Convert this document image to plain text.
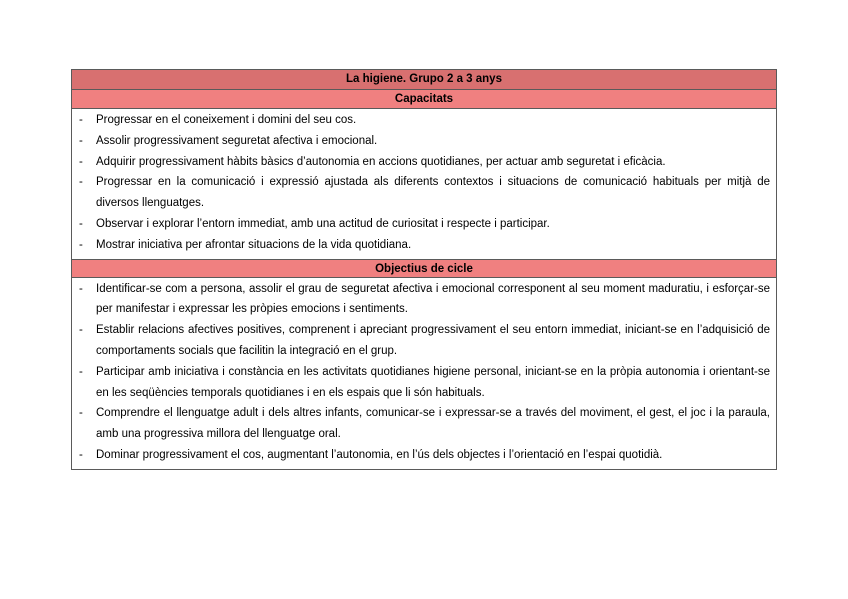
La higiene. Grupo 2 a 3 anys
Capacitats
- Progressar en el coneixement i domini del seu cos.
- Assolir progressivament seguretat afectiva i emocional.
- Adquirir progressivament hàbits bàsics d’autonomia en accions quotidianes, per actuar amb seguretat i eficàcia.
- Progressar en la comunicació i expressió ajustada als diferents contextos i situacions de comunicació habituals per mitjà de diversos llenguatges.
- Observar i explorar l’entorn immediat, amb una actitud de curiositat i respecte i participar.
- Mostrar iniciativa per afrontar situacions de la vida quotidiana.
Objectius de cicle
- Identificar-se com a persona, assolir el grau de seguretat afectiva i emocional corresponent al seu moment maduratiu, i esforçar-se per manifestar i expressar les pròpies emocions i sentiments.
- Establir relacions afectives positives, comprenent i apreciant progressivament el seu entorn immediat, iniciant-se en l’adquisició de comportaments socials que facilitin la integració en el grup.
- Participar amb iniciativa i constància en les activitats quotidianes higiene personal, iniciant-se en la pròpia autonomia i orientant-se en les seqüències temporals quotidianes i en els espais que li són habituals.
- Comprendre el llenguatge adult i dels altres infants, comunicar-se i expressar-se a través del moviment, el gest, el joc i la paraula, amb una progressiva millora del llenguatge oral.
- Dominar progressivament el cos, augmentant l’autonomia, en l’ús dels objectes i l’orientació en l’espai quotidià.
